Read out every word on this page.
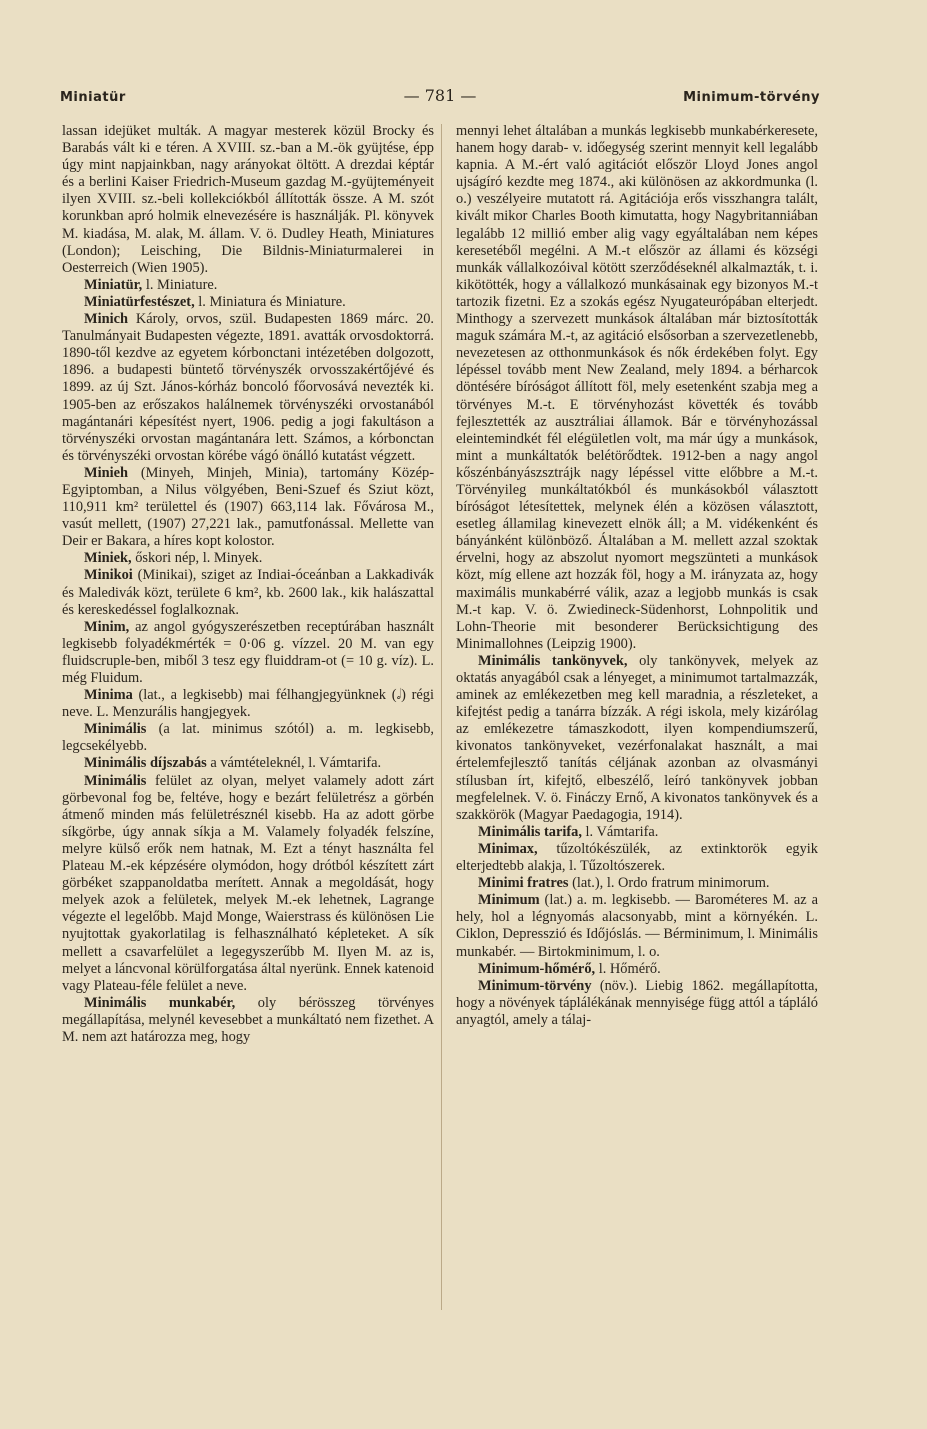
Miniatür	— 781 —	Minimum-törvény

lassan idejüket multák. A magyar mesterek közül Brocky és Barabás vált ki e téren. A XVIII. sz.-ban a M.-ök gyüjtése, épp úgy mint napjainkban, nagy arányokat öltött. A drezdai képtár és a berlini Kaiser Friedrich-Museum gazdag M.-gyüjteményeit ilyen XVIII. sz.-beli kollekciókból állították össze. A M. szót korunkban apró holmik elnevezésére is használják. Pl. könyvek M. kiadása, M. alak, M. állam. V. ö. Dudley Heath, Miniatures (London); Leisching, Die Bildnis-Miniaturmalerei in Oesterreich (Wien 1905).

Miniatür, l. Miniature.

Miniatürfestészet, l. Miniatura és Miniature.

Minich Károly, orvos, szül. Budapesten 1869 márc. 20. Tanulmányait Budapesten végezte, 1891. avatták orvosdoktorrá. 1890-től kezdve az egyetem kórbonctani intézetében dolgozott, 1896. a budapesti büntető törvényszék orvosszakértőjévé és 1899. az új Szt. János-kórház boncoló főorvosává nevezték ki. 1905-ben az erőszakos halálnemek törvényszéki orvostanából magántanári képesítést nyert, 1906. pedig a jogi fakultáson a törvényszéki orvostan magántanára lett. Számos, a kórbonctan és törvényszéki orvostan körébe vágó önálló kutatást végzett.

Minieh (Minyeh, Minjeh, Minia), tartomány Közép-Egyiptomban, a Nilus völgyében, Beni-Szuef és Sziut közt, 110,911 km² területtel és (1907) 663,114 lak. Fővárosa M., vasút mellett, (1907) 27,221 lak., pamutfonással. Mellette van Deir er Bakara, a híres kopt kolostor.

Miniek, őskori nép, l. Minyek.

Minikoi (Minikai), sziget az Indiai-óceánban a Lakkadivák és Maledivák közt, területe 6 km², kb. 2600 lak., kik halászattal és kereskedéssel foglalkoznak.

Minim, az angol gyógyszerészetben receptúrában használt legkisebb folyadékmérték = 0·06 g. vízzel. 20 M. van egy fluidscruple-ben, miből 3 tesz egy fluiddram-ot (= 10 g. víz). L. még Fluidum.

Minima (lat., a legkisebb) mai félhangjegyünknek (𝅗𝅥) régi neve. L. Menzurális hangjegyek.

Minimális (a lat. minimus szótól) a. m. legkisebb, legcsekélyebb.

Minimális díjszabás a vámtételeknél, l. Vámtarifa.

Minimális felület az olyan, melyet valamely adott zárt görbevonal fog be, feltéve, hogy e bezárt felületrész a görbén átmenő minden más felületrésznél kisebb. Ha az adott görbe síkgörbe, úgy annak síkja a M. Valamely folyadék felszíne, melyre külső erők nem hatnak, M. Ezt a tényt használta fel Plateau M.-ek képzésére olymódon, hogy drótból készített zárt görbéket szappanoldatba merített. Annak a megoldását, hogy melyek azok a felületek, melyek M.-ek lehetnek, Lagrange végezte el legelőbb. Majd Monge, Waierstrass és különösen Lie nyujtottak gyakorlatilag is felhasználható képleteket. A sík mellett a csavarfelület a legegyszerűbb M. Ilyen M. az is, melyet a láncvonal körülforgatása által nyerünk. Ennek katenoid vagy Plateau-féle felület a neve.

Minimális munkabér, oly bérösszeg törvényes megállapítása, melynél kevesebbet a munkáltató nem fizethet. A M. nem azt határozza meg, hogy

mennyi lehet általában a munkás legkisebb munkabérkeresete, hanem hogy darab- v. időegység szerint mennyit kell legalább kapnia. A M.-ért való agitációt először Lloyd Jones angol ujságíró kezdte meg 1874., aki különösen az akkordmunka (l. o.) veszélyeire mutatott rá. Agitációja erős visszhangra talált, kivált mikor Charles Booth kimutatta, hogy Nagybritanniában legalább 12 millió ember alig vagy egyáltalában nem képes keresetéből megélni. A M.-t először az állami és községi munkák vállalkozóival kötött szerződéseknél alkalmazták, t. i. kikötötték, hogy a vállalkozó munkásainak egy bizonyos M.-t tartozik fizetni. Ez a szokás egész Nyugateurópában elterjedt. Minthogy a szervezett munkások általában már biztosították maguk számára M.-t, az agitáció elsősorban a szervezetlenebb, nevezetesen az otthonmunkások és nők érdekében folyt. Egy lépéssel tovább ment New Zealand, mely 1894. a bérharcok döntésére bíróságot állított föl, mely esetenként szabja meg a törvényes M.-t. E törvényhozást követték és tovább fejlesztették az ausztráliai államok. Bár e törvényhozással eleintemindkét fél elégületlen volt, ma már úgy a munkások, mint a munkáltatók belétörődtek. 1912-ben a nagy angol kőszénbányászsztrájk nagy lépéssel vitte előbbre a M.-t. Törvényileg munkáltatókból és munkásokból választott bíróságot létesítettek, melynek élén a közösen választott, esetleg államilag kinevezett elnök áll; a M. vidékenként és bányánként különböző. Általában a M. mellett azzal szoktak érvelni, hogy az abszolut nyomort megszünteti a munkások közt, míg ellene azt hozzák föl, hogy a M. irányzata az, hogy maximális munkabérré válik, azaz a legjobb munkás is csak M.-t kap. V. ö. Zwiedineck-Südenhorst, Lohnpolitik und Lohn-Theorie mit besonderer Berücksichtigung des Minimallohnes (Leipzig 1900).

Minimális tankönyvek, oly tankönyvek, melyek az oktatás anyagából csak a lényeget, a minimumot tartalmazzák, aminek az emlékezetben meg kell maradnia, a részleteket, a kifejtést pedig a tanárra bízzák. A régi iskola, mely kizárólag az emlékezetre támaszkodott, ilyen kompendiumszerű, kivonatos tankönyveket, vezérfonalakat használt, a mai értelemfejlesztő tanítás céljának azonban az olvasmányi stílusban írt, kifejtő, elbeszélő, leíró tankönyvek jobban megfelelnek. V. ö. Fináczy Ernő, A kivonatos tankönyvek és a szakkörök (Magyar Paedagogia, 1914).

Minimális tarifa, l. Vámtarifa.

Minimax, tűzoltókészülék, az extinktorök egyik elterjedtebb alakja, l. Tűzoltószerek.

Minimi fratres (lat.), l. Ordo fratrum minimorum.

Minimum (lat.) a. m. legkisebb. — Barométeres M. az a hely, hol a légnyomás alacsonyabb, mint a környékén. L. Ciklon, Depresszió és Időjóslás. — Bérminimum, l. Minimális munkabér. — Birtokminimum, l. o.

Minimum-hőmérő, l. Hőmérő.

Minimum-törvény (növ.). Liebig 1862. megállapította, hogy a növények táplálékának mennyisége függ attól a tápláló anyagtól, amely a tálaj-
